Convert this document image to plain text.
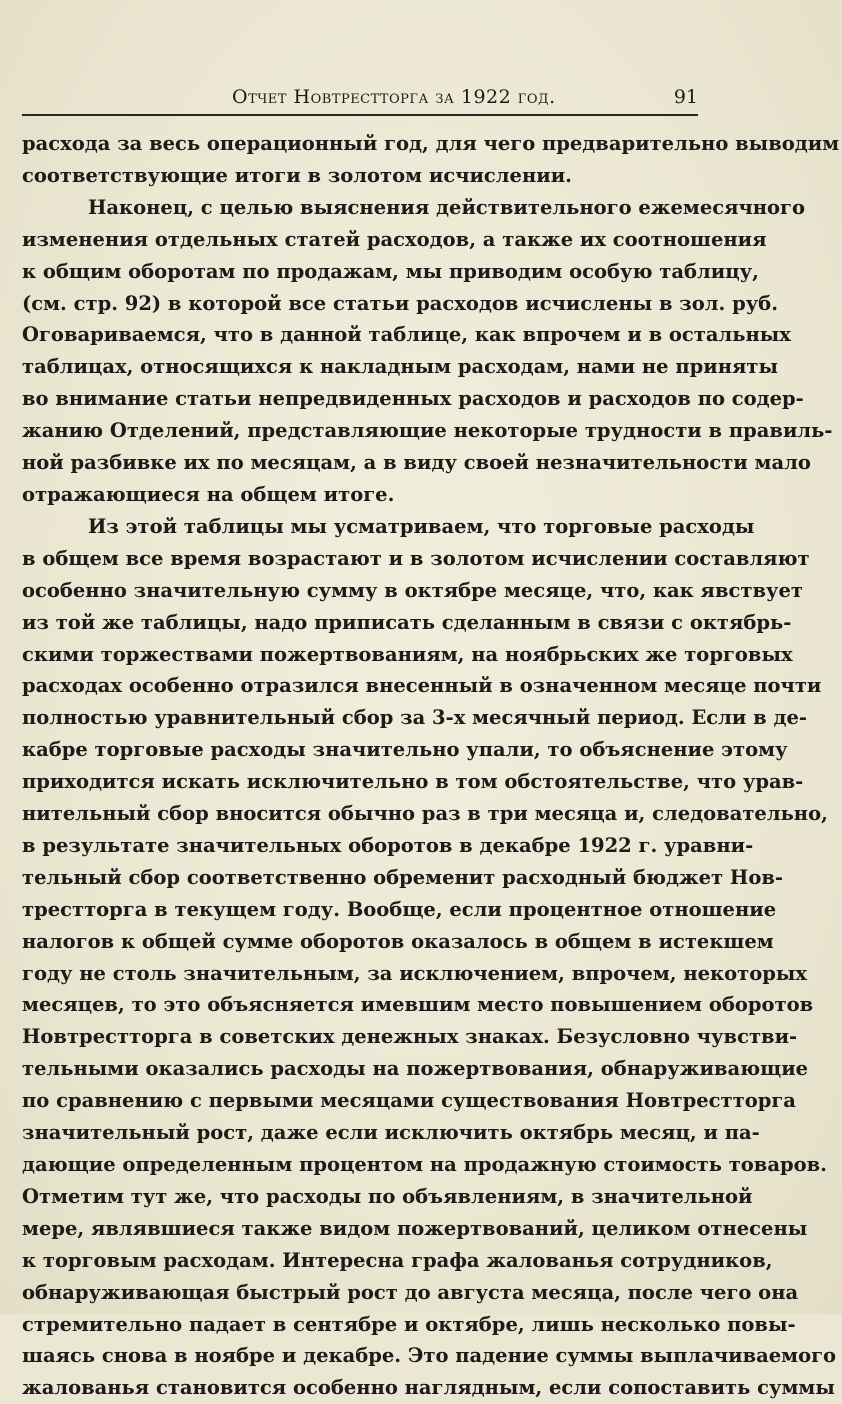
Отчет Новтрестторга за 1922 год.	91
расхода за весь операционный год, для чего предварительно выводим
соответствующие итоги в золотом исчислении.
Наконец, с целью выяснения действительного ежемесячного
изменения отдельных статей расходов, а также их соотношения
к общим оборотам по продажам, мы приводим особую таблицу,
(см. стр. 92) в которой все статьи расходов исчислены в зол. руб.
Оговариваемся, что в данной таблице, как впрочем и в остальных
таблицах, относящихся к накладным расходам, нами не приняты
во внимание статьи непредвиденных расходов и расходов по содер-
жанию Отделений, представляющие некоторые трудности в правиль-
ной разбивке их по месяцам, а в виду своей незначительности мало
отражающиеся на общем итоге.
Из этой таблицы мы усматриваем, что торговые расходы
в общем все время возрастают и в золотом исчислении составляют
особенно значительную сумму в октябре месяце, что, как явствует
из той же таблицы, надо приписать сделанным в связи с октябрь-
скими торжествами пожертвованиям, на ноябрьских же торговых
расходах особенно отразился внесенный в означенном месяце почти
полностью уравнительный сбор за 3-х месячный период. Если в де-
кабре торговые расходы значительно упали, то объяснение этому
приходится искать исключительно в том обстоятельстве, что урав-
нительный сбор вносится обычно раз в три месяца и, следовательно,
в результате значительных оборотов в декабре 1922 г. уравни-
тельный сбор соответственно обременит расходный бюджет Нов-
трестторга в текущем году. Вообще, если процентное отношение
налогов к общей сумме оборотов оказалось в общем в истекшем
году не столь значительным, за исключением, впрочем, некоторых
месяцев, то это объясняется имевшим место повышением оборотов
Новтрестторга в советских денежных знаках. Безусловно чувстви-
тельными оказались расходы на пожертвования, обнаруживающие
по сравнению с первыми месяцами существования Новтрестторга
значительный рост, даже если исключить октябрь месяц, и па-
дающие определенным процентом на продажную стоимость товаров.
Отметим тут же, что расходы по объявлениям, в значительной
мере, являвшиеся также видом пожертвований, целиком отнесены
к торговым расходам. Интересна графа жалованья сотрудников,
обнаруживающая быстрый рост до августа месяца, после чего она
стремительно падает в сентябре и октябре, лишь несколько повы-
шаясь снова в ноябре и декабре. Это падение суммы выплачиваемого
жалованья становится особенно наглядным, если сопоставить суммы
